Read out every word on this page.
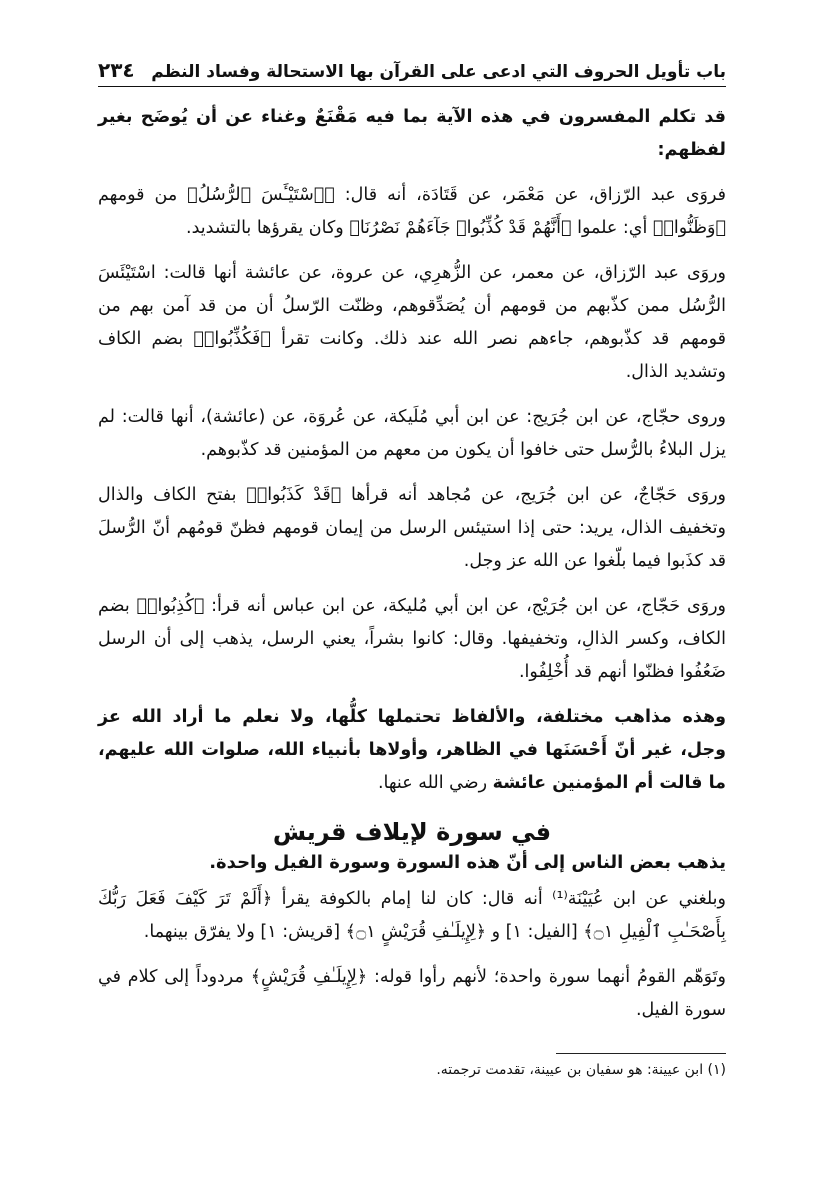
باب تأويل الحروف التي ادعى على القرآن بها الاستحالة وفساد النظم
٢٣٤

قد تكلم المفسرون في هذه الآية بما فيه مَقْنَعٌ وغناء عن أن يُوضَح بغير لفظهم:

فروَى عبد الرّزاق، عن مَعْمَر، عن قَتَادَة، أنه قال: ﴿ٱسْتَيْـَٔسَ ٱلرُّسُلُ﴾ من قومهم ﴿وَظَنُّوا۟﴾ أي: علموا ﴿أَنَّهُمْ قَدْ كُذِّبُوا۟ جَآءَهُمْ نَصْرُنَا﴾ وكان يقرؤها بالتشديد.

وروَى عبد الرّزاق، عن معمر، عن الزُّهرِي، عن عروة، عن عائشة أنها قالت: اسْتَيْئَسَ الرُّسُل ممن كذّبهم من قومهم أن يُصَدِّقوهم، وظنّت الرّسلُ أن من قد آمن بهم من قومهم قد كذّبوهم، جاءهم نصر الله عند ذلك. وكانت تقرأ ﴿فَكُذِّبُوا۟﴾ بضم الكاف وتشديد الذال.

وروى حجّاج، عن ابن جُرَيج: عن ابن أبي مُلَيكة، عن عُروَة، عن (عائشة)، أنها قالت: لم يزل البلاءُ بالرُّسل حتى خافوا أن يكون من معهم من المؤمنين قد كذّبوهم.

وروَى حَجّاجٌ، عن ابن جُرَيج، عن مُجاهد أنه قرأها ﴿قَدْ كَذَبُوا۟﴾ بفتح الكاف والذال وتخفيف الذال، يريد: حتى إذا استيئس الرسل من إيمان قومهم فظنّ قومُهم أنّ الرُّسلَ قد كذَبوا فيما بلّغوا عن الله عز وجل.

وروَى حَجّاج، عن ابن جُرَيْج، عن ابن أبي مُليكة، عن ابن عباس أنه قرأ: ﴿كُذِبُوا۟﴾ بضم الكاف، وكسر الذالِ، وتخفيفها. وقال: كانوا بشراً، يعني الرسل، يذهب إلى أن الرسل ضَعُفُوا فظنّوا أنهم قد أُخْلِفُوا.

وهذه مذاهب مختلفة، والألفاظ تحتملها كلُّها، ولا نعلم ما أراد الله عز وجل، غير أنّ أَحْسَنَها في الظاهر، وأولاها بأنبياء الله، صلوات الله عليهم، ما قالت أم المؤمنين عائشة رضي الله عنها.

في سورة لإيلاف قريش
يذهب بعض الناس إلى أنّ هذه السورة وسورة الفيل واحدة.

وبلغني عن ابن عُيَيْنَة⁽¹⁾ أنه قال: كان لنا إمام بالكوفة يقرأ ﴿أَلَمْ تَرَ كَيْفَ فَعَلَ رَبُّكَ بِأَصْحَـٰبِ ٱلْفِيلِ ۝١﴾ [الفيل: ١] و ﴿لِإِيلَـٰفِ قُرَيْشٍ ۝١﴾ [قريش: ١] ولا يفرّق بينهما.

وتَوَهّم القومُ أنهما سورة واحدة؛ لأنهم رأوا قوله: ﴿لِإِيلَـٰفِ قُرَيْشٍ﴾ مردوداً إلى كلام في سورة الفيل.

(١) ابن عيينة: هو سفيان بن عيينة، تقدمت ترجمته.
